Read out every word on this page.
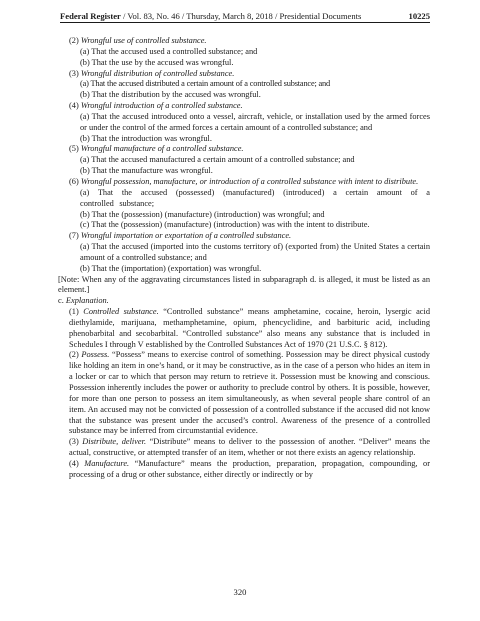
Federal Register / Vol. 83, No. 46 / Thursday, March 8, 2018 / Presidential Documents	10225

(2) Wrongful use of controlled substance.

(a) That the accused used a controlled substance; and

(b) That the use by the accused was wrongful.

(3) Wrongful distribution of controlled substance.

(a) That the accused distributed a certain amount of a controlled substance; and

(b) That the distribution by the accused was wrongful.

(4) Wrongful introduction of a controlled substance.

(a) That the accused introduced onto a vessel, aircraft, vehicle, or installation used by the armed forces or under the control of the armed forces a certain amount of a controlled substance; and

(b) That the introduction was wrongful.

(5) Wrongful manufacture of a controlled substance.

(a) That the accused manufactured a certain amount of a controlled substance; and

(b) That the manufacture was wrongful.

(6) Wrongful possession, manufacture, or introduction of a controlled substance with intent to distribute.

(a) That the accused (possessed) (manufactured) (introduced) a certain amount of a controlled substance;

(b) That the (possession) (manufacture) (introduction) was wrongful; and

(c) That the (possession) (manufacture) (introduction) was with the intent to distribute.

(7) Wrongful importation or exportation of a controlled substance.

(a) That the accused (imported into the customs territory of) (exported from) the United States a certain amount of a controlled substance; and

(b) That the (importation) (exportation) was wrongful.

[Note: When any of the aggravating circumstances listed in subparagraph d. is alleged, it must be listed as an element.]

c. Explanation.

(1) Controlled substance. “Controlled substance” means amphetamine, cocaine, heroin, lysergic acid diethylamide, marijuana, methamphetamine, opium, phencyclidine, and barbituric acid, including phenobarbital and secobarbital. “Controlled substance” also means any substance that is included in Schedules I through V established by the Controlled Substances Act of 1970 (21 U.S.C. § 812).

(2) Possess. “Possess” means to exercise control of something. Possession may be direct physical custody like holding an item in one’s hand, or it may be constructive, as in the case of a person who hides an item in a locker or car to which that person may return to retrieve it. Possession must be knowing and conscious. Possession inherently includes the power or authority to preclude control by others. It is possible, however, for more than one person to possess an item simultaneously, as when several people share control of an item. An accused may not be convicted of possession of a controlled substance if the accused did not know that the substance was present under the accused’s control. Awareness of the presence of a controlled substance may be inferred from circumstantial evidence.

(3) Distribute, deliver. “Distribute” means to deliver to the possession of another. “Deliver” means the actual, constructive, or attempted transfer of an item, whether or not there exists an agency relationship.

(4) Manufacture. “Manufacture” means the production, preparation, propagation, compounding, or processing of a drug or other substance, either directly or indirectly or by

320
